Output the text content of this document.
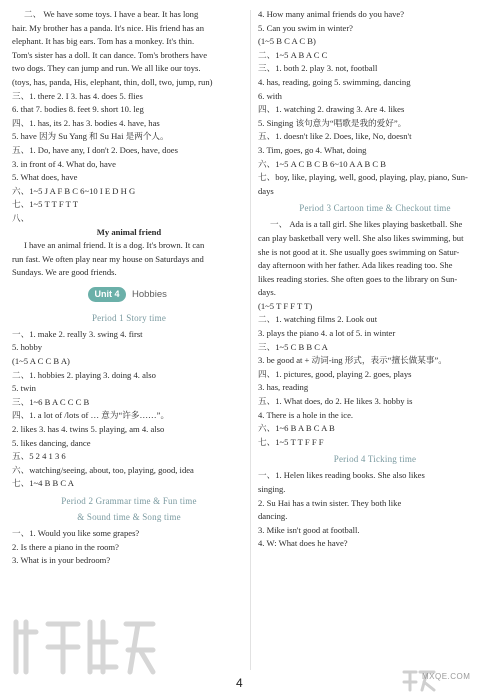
二、 We have some toys. I have a bear. It has long
hair. My brother has a panda. It's nice. His friend has an
elephant. It has big ears. Tom has a monkey. It's thin.
Tom's sister has a doll. It can dance. Tom's brothers have
two dogs. They can jump and run. We all like our toys.
(toys, has, panda, His, elephant, thin, doll, two, jump, run)
三、1. there 2. I 3. has 4. does 5. flies
6. that 7. bodies 8. feet 9. short 10. leg
四、1. has, its 2. has 3. bodies 4. have, has
5. have 因为 Su Yang 和 Su Hai 是两个人。
五、1. Do, have any, I don't 2. Does, have, does
3. in front of 4. What do, have
5. What does, have
六、1~5 J A F B C 6~10 I E D H G
七、1~5 T T F T T
八、
My animal friend
I have an animal friend. It is a dog. It's brown. It can
run fast. We often play near my house on Saturdays and
Sundays. We are good friends.
Unit 4	Hobbies
Period 1 Story time
一、1. make 2. really 3. swing 4. first
5. hobby
(1~5 A C C B A)
二、1. hobbies 2. playing 3. doing 4. also
5. twin
三、1~6 B A C C C B
四、1. a lot of /lots of … 意为“许多……”。
2. likes 3. has 4. twins 5. playing, am 4. also
5. likes dancing, dance
五、5 2 4 1 3 6
六、watching/seeing, about, too, playing, good, idea
七、1~4 B B C A
Period 2 Grammar time & Fun time
& Sound time & Song time
一、1. Would you like some grapes?
2. Is there a piano in the room?
3. What is in your bedroom?
4. How many animal friends do you have?
5. Can you swim in winter?
(1~5 B C A C B)
二、1~5 A B A C C
三、1. both 2. play 3. not, football
4. has, reading, going 5. swimming, dancing
6. with
四、1. watching 2. drawing 3. Are 4. likes
5. Singing 该句意为“唱歌是我的爱好”。
五、1. doesn't like 2. Does, like, No, doesn't
3. Tim, goes, go 4. What, doing
六、1~5 A C B C B 6~10 A A B C B
七、boy, like, playing, well, good, playing, play, piano, Sun-
days
Period 3 Cartoon time & Checkout time
一、 Ada is a tall girl. She likes playing basketball. She
can play basketball very well. She also likes swimming, but
she is not good at it. She usually goes swimming on Satur-
day afternoon with her father. Ada likes reading too. She
likes reading stories. She often goes to the library on Sun-
days.
(1~5 T F F T T)
二、1. watching films 2. Look out
3. plays the piano 4. a lot of 5. in winter
三、1~5 C B B C A
3. be good at + 动词-ing 形式，表示“擅长做某事”。
四、1. pictures, good, playing 2. goes, plays
3. has, reading
五、1. What does, do 2. He likes 3. hobby is
4. There is a hole in the ice.
六、1~6 B A B C A B
七、1~5 T T F F F
Period 4 Ticking time
一、1. Helen likes reading books. She also likes
singing.
2. Su Hai has a twin sister. They both like
dancing.
3. Mike isn't good at football.
4. W: What does he have?
4	MXQE.COM
